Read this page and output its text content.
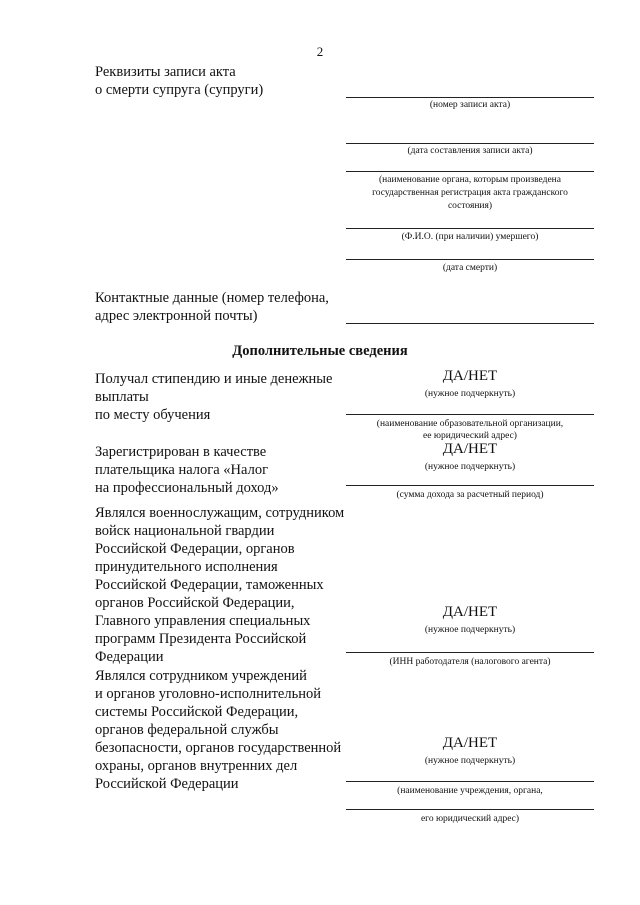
2
Реквизиты записи акта
о смерти супруга (супруги)
(номер записи акта)
(дата составления записи акта)
(наименование органа, которым произведена
государственная регистрация акта гражданского
состояния)
(Ф.И.О. (при наличии) умершего)
(дата смерти)
Контактные данные (номер телефона,
адрес электронной почты)
Дополнительные сведения
Получал стипендию и иные денежные
выплаты
по месту обучения
ДА/НЕТ
(нужное подчеркнуть)
(наименование образовательной организации,
ее юридический адрес)
Зарегистрирован в качестве
плательщика налога «Налог
на профессиональный доход»
ДА/НЕТ
(нужное подчеркнуть)
(сумма дохода за расчетный период)
Являлся военнослужащим, сотрудником
войск национальной гвардии
Российской Федерации, органов
принудительного исполнения
Российской Федерации, таможенных
органов Российской Федерации,
Главного управления специальных
программ Президента Российской
Федерации
ДА/НЕТ
(нужное подчеркнуть)
(ИНН работодателя (налогового агента)
Являлся сотрудником учреждений
и органов уголовно-исполнительной
системы Российской Федерации,
органов федеральной службы
безопасности, органов государственной
охраны, органов внутренних дел
Российской Федерации
ДА/НЕТ
(нужное подчеркнуть)
(наименование учреждения, органа,
его юридический адрес)
